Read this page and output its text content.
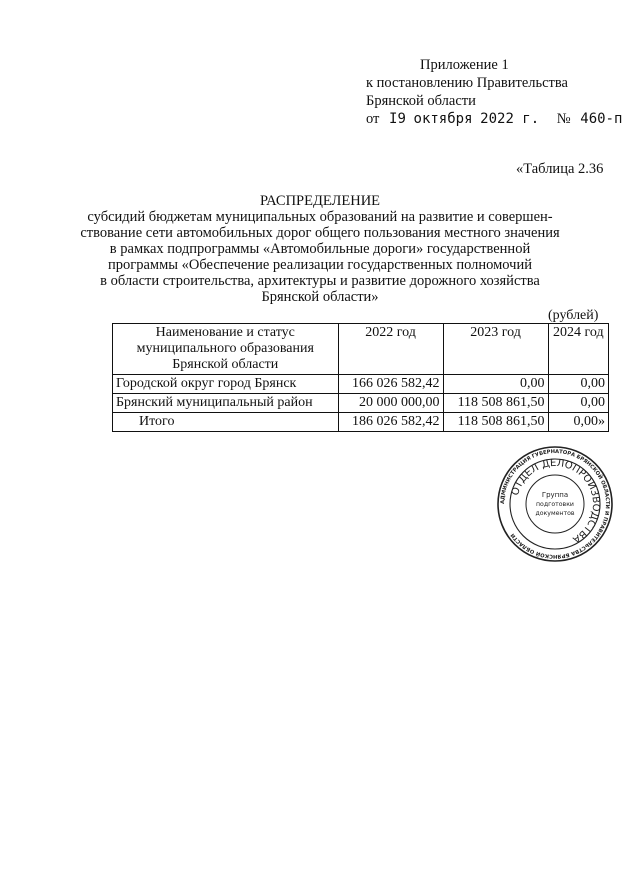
Приложение 1
к постановлению Правительства
Брянской области
от I9 октября 2022 г. № 460-п
«Таблица 2.36
РАСПРЕДЕЛЕНИЕ
субсидий бюджетам муниципальных образований на развитие и совершен-
ствование сети автомобильных дорог общего пользования местного значения
в рамках подпрограммы «Автомобильные дороги» государственной
программы «Обеспечение реализации государственных полномочий
в области строительства, архитектуры и развитие дорожного хозяйства
Брянской области»
(рублей)
Наименование и статус муниципального образования Брянской области	2022 год	2023 год	2024 год
Городской округ город Брянск	166 026 582,42	0,00	0,00
Брянский муниципальный район	20 000 000,00	118 508 861,50	0,00
Итого	186 026 582,42	118 508 861,50	0,00»
АДМИНИСТРАЦИЯ ГУБЕРНАТОРА БРЯНСКОЙ ОБЛАСТИ И ПРАВИТЕЛЬСТВА БРЯНСКОЙ ОБЛАСТИ
ОТДЕЛ ДЕЛОПРОИЗВОДСТВА
Группа
подготовки
документов
